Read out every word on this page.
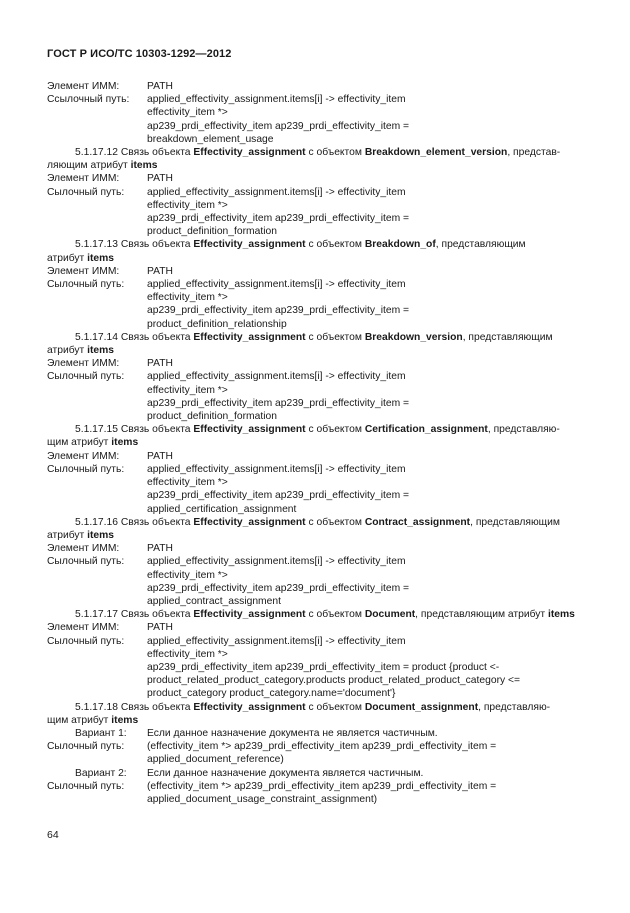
ГОСТ Р ИСО/ТС 10303-1292—2012
Элемент ИММ:	PATH
Ссылочный путь:	applied_effectivity_assignment.items[i] -> effectivity_item
effectivity_item *>
ap239_prdi_effectivity_item ap239_prdi_effectivity_item =
breakdown_element_usage
5.1.17.12 Связь объекта Effectivity_assignment с объектом Breakdown_element_version, представ-
ляющим атрибут
items
Элемент ИММ:	PATH
Сылочный путь:	applied_effectivity_assignment.items[i] -> effectivity_item
effectivity_item *>
ap239_prdi_effectivity_item ap239_prdi_effectivity_item =
product_definition_formation
5.1.17.13 Связь объекта Effectivity_assignment с объектом Breakdown_of, представляющим
атрибут
items
Элемент ИММ:	PATH
Сылочный путь:	applied_effectivity_assignment.items[i] -> effectivity_item
effectivity_item *>
ap239_prdi_effectivity_item ap239_prdi_effectivity_item =
product_definition_relationship
5.1.17.14 Связь объекта Effectivity_assignment с объектом Breakdown_version, представляющим
атрибут
items
Элемент ИММ:	PATH
Сылочный путь:	applied_effectivity_assignment.items[i] -> effectivity_item
effectivity_item *>
ap239_prdi_effectivity_item ap239_prdi_effectivity_item =
product_definition_formation
5.1.17.15 Связь объекта Effectivity_assignment с объектом Certification_assignment, представляю-
щим атрибут
items
Элемент ИММ:	PATH
Сылочный путь:	applied_effectivity_assignment.items[i] -> effectivity_item
effectivity_item *>
ap239_prdi_effectivity_item ap239_prdi_effectivity_item =
applied_certification_assignment
5.1.17.16 Связь объекта Effectivity_assignment с объектом Contract_assignment, представляющим
атрибут
items
Элемент ИММ:	PATH
Сылочный путь:	applied_effectivity_assignment.items[i] -> effectivity_item
effectivity_item *>
ap239_prdi_effectivity_item ap239_prdi_effectivity_item =
applied_contract_assignment
5.1.17.17 Связь объекта Effectivity_assignment с объектом Document, представляющим атрибут items
Элемент ИММ:	PATH
Сылочный путь:	applied_effectivity_assignment.items[i] -> effectivity_item
effectivity_item *>
ap239_prdi_effectivity_item ap239_prdi_effectivity_item = product {product <-
product_related_product_category.products product_related_product_category <=
product_category product_category.name='document'}
5.1.17.18 Связь объекта Effectivity_assignment с объектом Document_assignment, представляю-
щим атрибут
items
Вариант 1:	Если данное назначение документа не является частичным.
Сылочный путь:	(effectivity_item *> ap239_prdi_effectivity_item ap239_prdi_effectivity_item =
applied_document_reference)
Вариант 2:	Если данное назначение документа является частичным.
Сылочный путь:	(effectivity_item *> ap239_prdi_effectivity_item ap239_prdi_effectivity_item =
applied_document_usage_constraint_assignment)
64
